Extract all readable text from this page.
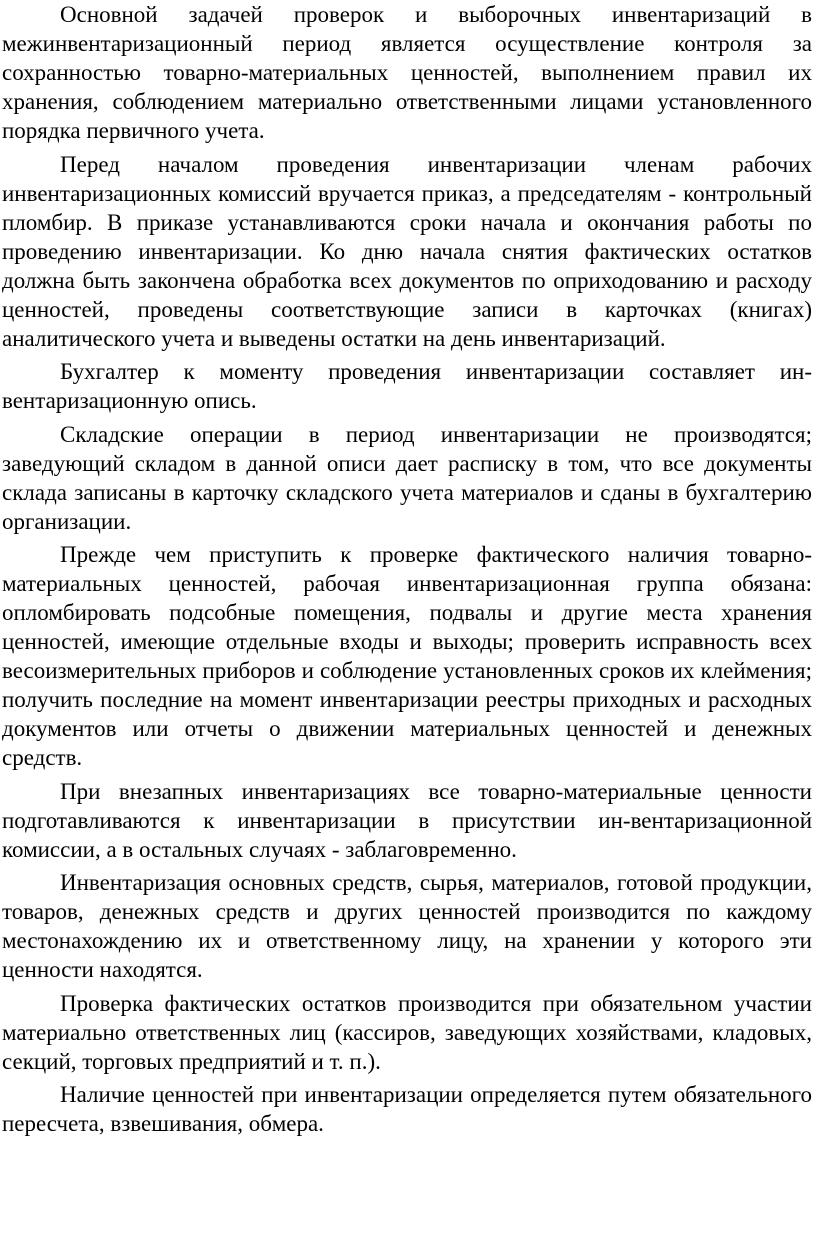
Основной задачей проверок и выборочных инвентаризаций в межинвентаризационный период является осуществление контроля за сохранностью товарно-материальных ценностей, выполнением правил их хранения, соблюдением материально ответственными лицами установленного порядка первичного учета.

Перед началом проведения инвентаризации членам рабочих инвентаризационных комиссий вручается приказ, а председателям - контрольный пломбир. В приказе устанавливаются сроки начала и окончания работы по проведению инвентаризации. Ко дню начала снятия фактических остатков должна быть закончена обработка всех документов по оприходованию и расходу ценностей, проведены соответствующие записи в карточках (книгах) аналитического учета и выведены остатки на день инвентаризаций.

Бухгалтер к моменту проведения инвентаризации составляет инвентаризационную опись.

Складские операции в период инвентаризации не производятся; заведующий складом в данной описи дает расписку в том, что все документы склада записаны в карточку складского учета материалов и сданы в бухгалтерию организации.

Прежде чем приступить к проверке фактического наличия товарно-материальных ценностей, рабочая инвентаризационная группа обязана: опломбировать подсобные помещения, подвалы и другие места хранения ценностей, имеющие отдельные входы и выходы; проверить исправность всех весоизмерительных приборов и соблюдение установленных сроков их клеймения; получить последние на момент инвентаризации реестры приходных и расходных документов или отчеты о движении материальных ценностей и денежных средств.

При внезапных инвентаризациях все товарно-материальные ценности подготавливаются к инвентаризации в присутствии ин-вентаризационной комиссии, а в остальных случаях - заблаговременно.

Инвентаризация основных средств, сырья, материалов, готовой продукции, товаров, денежных средств и других ценностей производится по каждому местонахождению их и ответственному лицу, на хранении у которого эти ценности находятся.

Проверка фактических остатков производится при обязательном участии материально ответственных лиц (кассиров, заведующих хозяйствами, кладовых, секций, торговых предприятий и т. п.).

Наличие ценностей при инвентаризации определяется путем обязательного пересчета, взвешивания, обмера.
